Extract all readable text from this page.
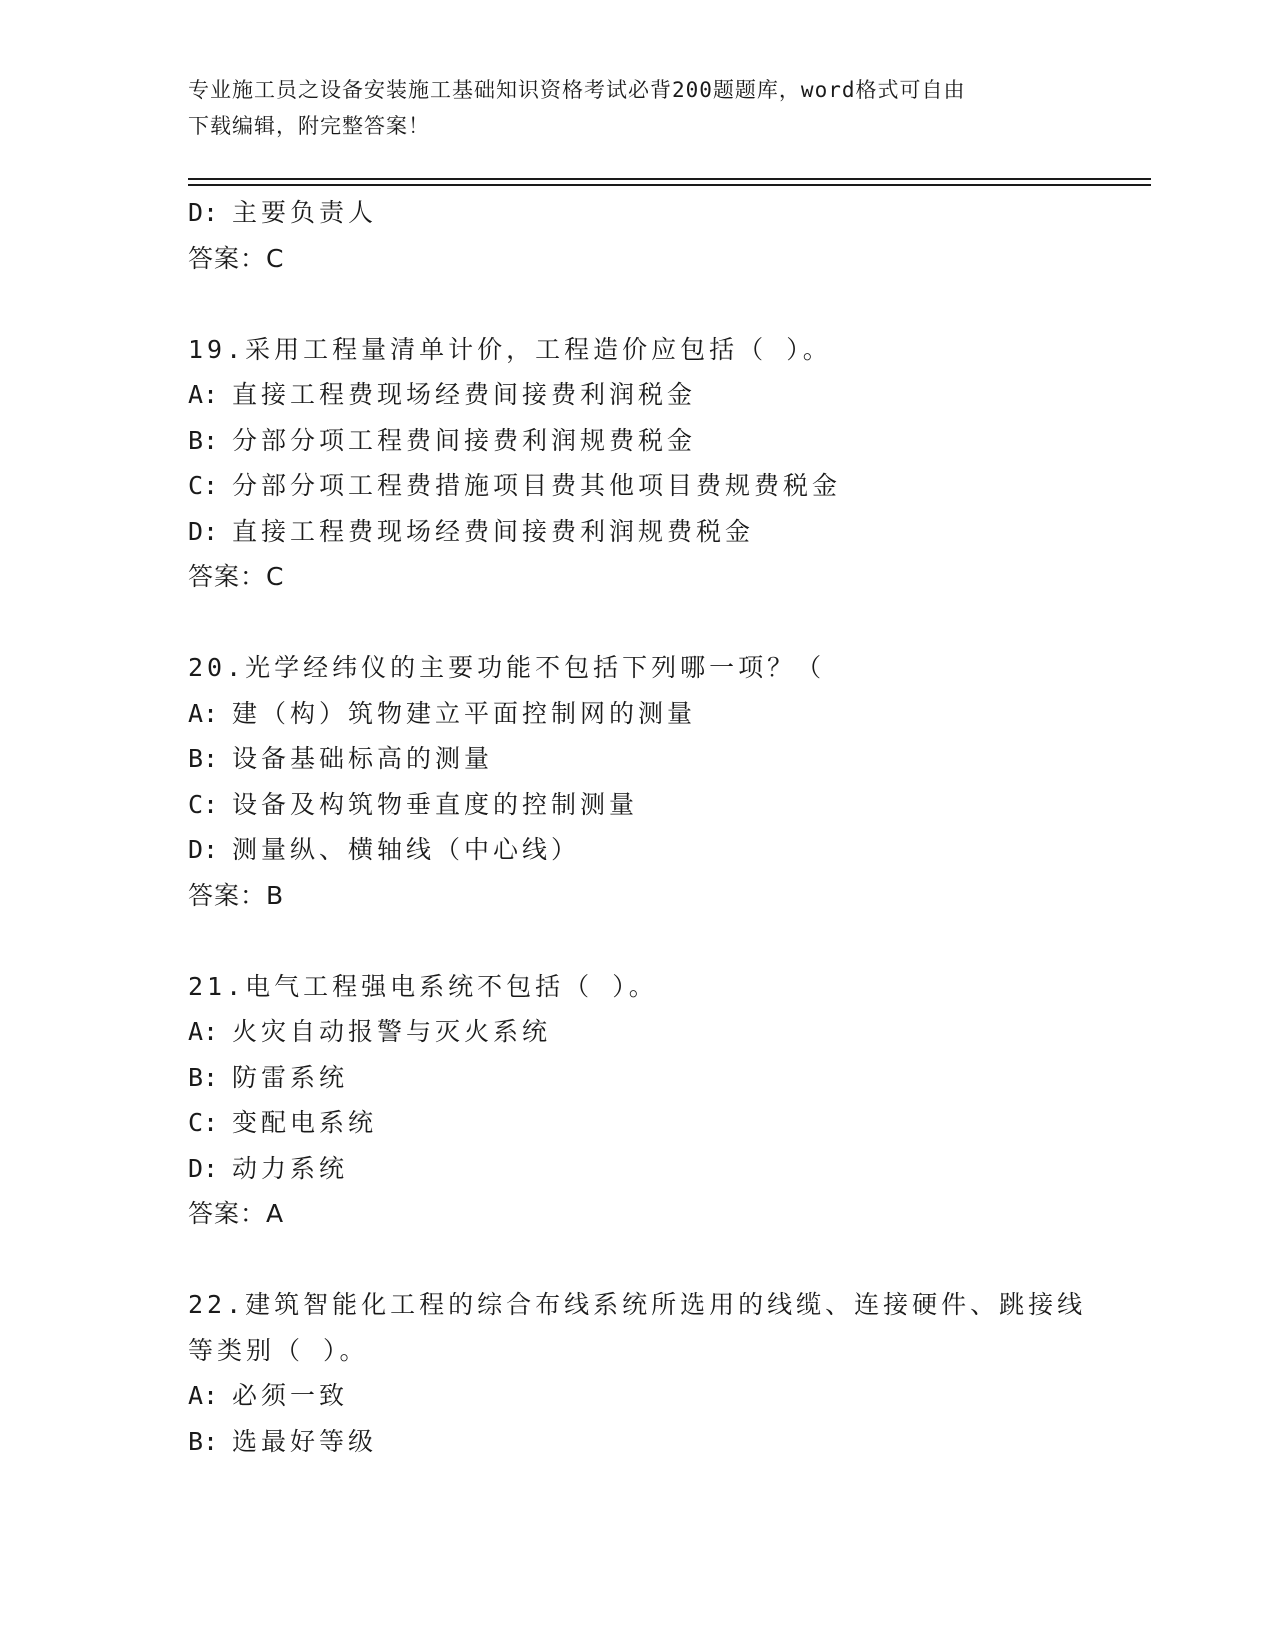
专业施工员之设备安装施工基础知识资格考试必背200题题库，word格式可自由
下载编辑，附完整答案！
D: 主要负责人
答案：C
19.采用工程量清单计价，工程造价应包括（ ）。
A: 直接工程费现场经费间接费利润税金
B: 分部分项工程费间接费利润规费税金
C: 分部分项工程费措施项目费其他项目费规费税金
D: 直接工程费现场经费间接费利润规费税金
答案：C
20.光学经纬仪的主要功能不包括下列哪一项？（
A: 建（构）筑物建立平面控制网的测量
B: 设备基础标高的测量
C: 设备及构筑物垂直度的控制测量
D: 测量纵、横轴线（中心线）
答案：B
21.电气工程强电系统不包括（ ）。
A: 火灾自动报警与灭火系统
B: 防雷系统
C: 变配电系统
D: 动力系统
答案：A
22.建筑智能化工程的综合布线系统所选用的线缆、连接硬件、跳接线
等类别（ ）。
A: 必须一致
B: 选最好等级
